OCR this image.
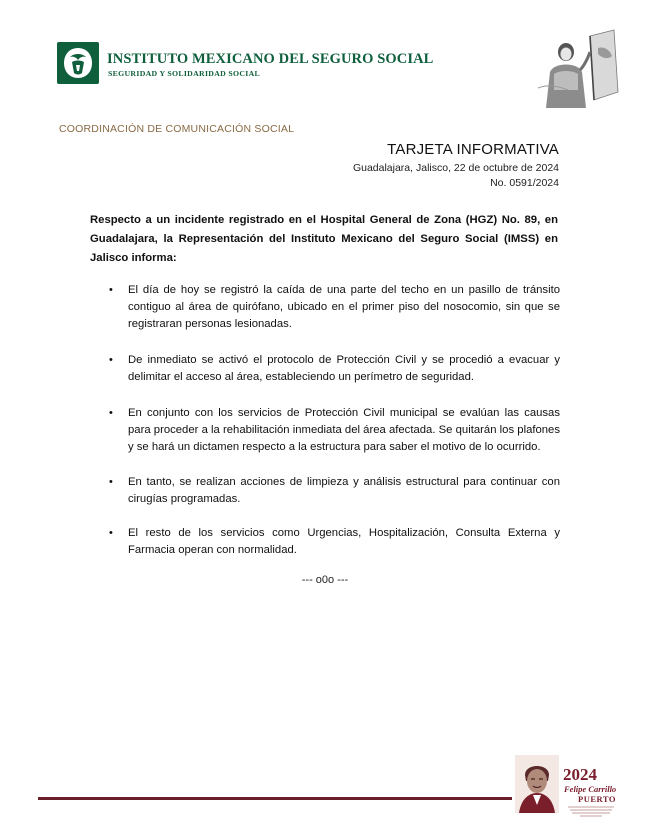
INSTITUTO MEXICANO DEL SEGURO SOCIAL
SEGURIDAD Y SOLIDARIDAD SOCIAL
COORDINACIÓN DE COMUNICACIÓN SOCIAL
TARJETA INFORMATIVA
Guadalajara, Jalisco, 22 de octubre de 2024
No. 0591/2024
Respecto a un incidente registrado en el Hospital General de Zona (HGZ) No. 89, en Guadalajara, la Representación del Instituto Mexicano del Seguro Social (IMSS) en Jalisco informa:
• El día de hoy se registró la caída de una parte del techo en un pasillo de tránsito contiguo al área de quirófano, ubicado en el primer piso del nosocomio, sin que se registraran personas lesionadas.
• De inmediato se activó el protocolo de Protección Civil y se procedió a evacuar y delimitar el acceso al área, estableciendo un perímetro de seguridad.
• En conjunto con los servicios de Protección Civil municipal se evalúan las causas para proceder a la rehabilitación inmediata del área afectada. Se quitarán los plafones y se hará un dictamen respecto a la estructura para saber el motivo de lo ocurrido.
• En tanto, se realizan acciones de limpieza y análisis estructural para continuar con cirugías programadas.
• El resto de los servicios como Urgencias, Hospitalización, Consulta Externa y Farmacia operan con normalidad.
--- o0o ---
2024
Felipe Carrillo
PUERTO
